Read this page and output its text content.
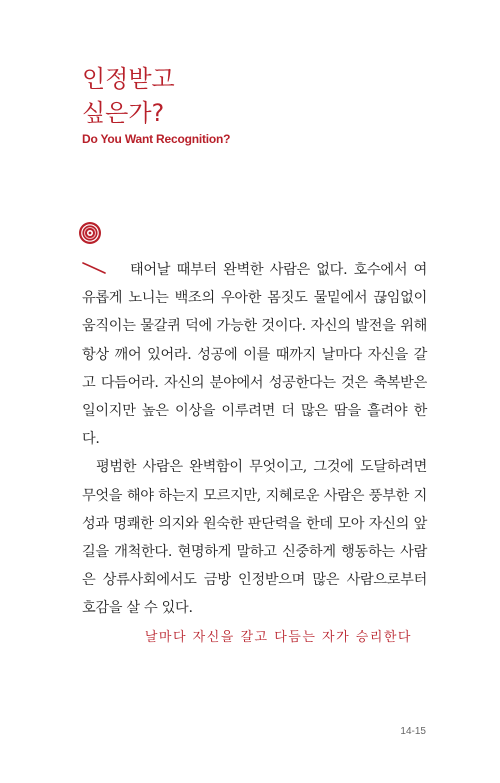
인정받고
싶은가?
Do You Want Recognition?

태어날 때부터 완벽한 사람은 없다. 호수에서 여유롭게 노니는 백조의 우아한 몸짓도 물밑에서 끊임없이 움직이는 물갈퀴 덕에 가능한 것이다. 자신의 발전을 위해 항상 깨어 있어라. 성공에 이를 때까지 날마다 자신을 갈고 다듬어라. 자신의 분야에서 성공한다는 것은 축복받은 일이지만 높은 이상을 이루려면 더 많은 땀을 흘려야 한다.

평범한 사람은 완벽함이 무엇이고, 그것에 도달하려면 무엇을 해야 하는지 모르지만, 지혜로운 사람은 풍부한 지성과 명쾌한 의지와 원숙한 판단력을 한데 모아 자신의 앞길을 개척한다. 현명하게 말하고 신중하게 행동하는 사람은 상류사회에서도 금방 인정받으며 많은 사람으로부터 호감을 살 수 있다.

날마다 자신을 갈고 다듬는 자가 승리한다
14-15
